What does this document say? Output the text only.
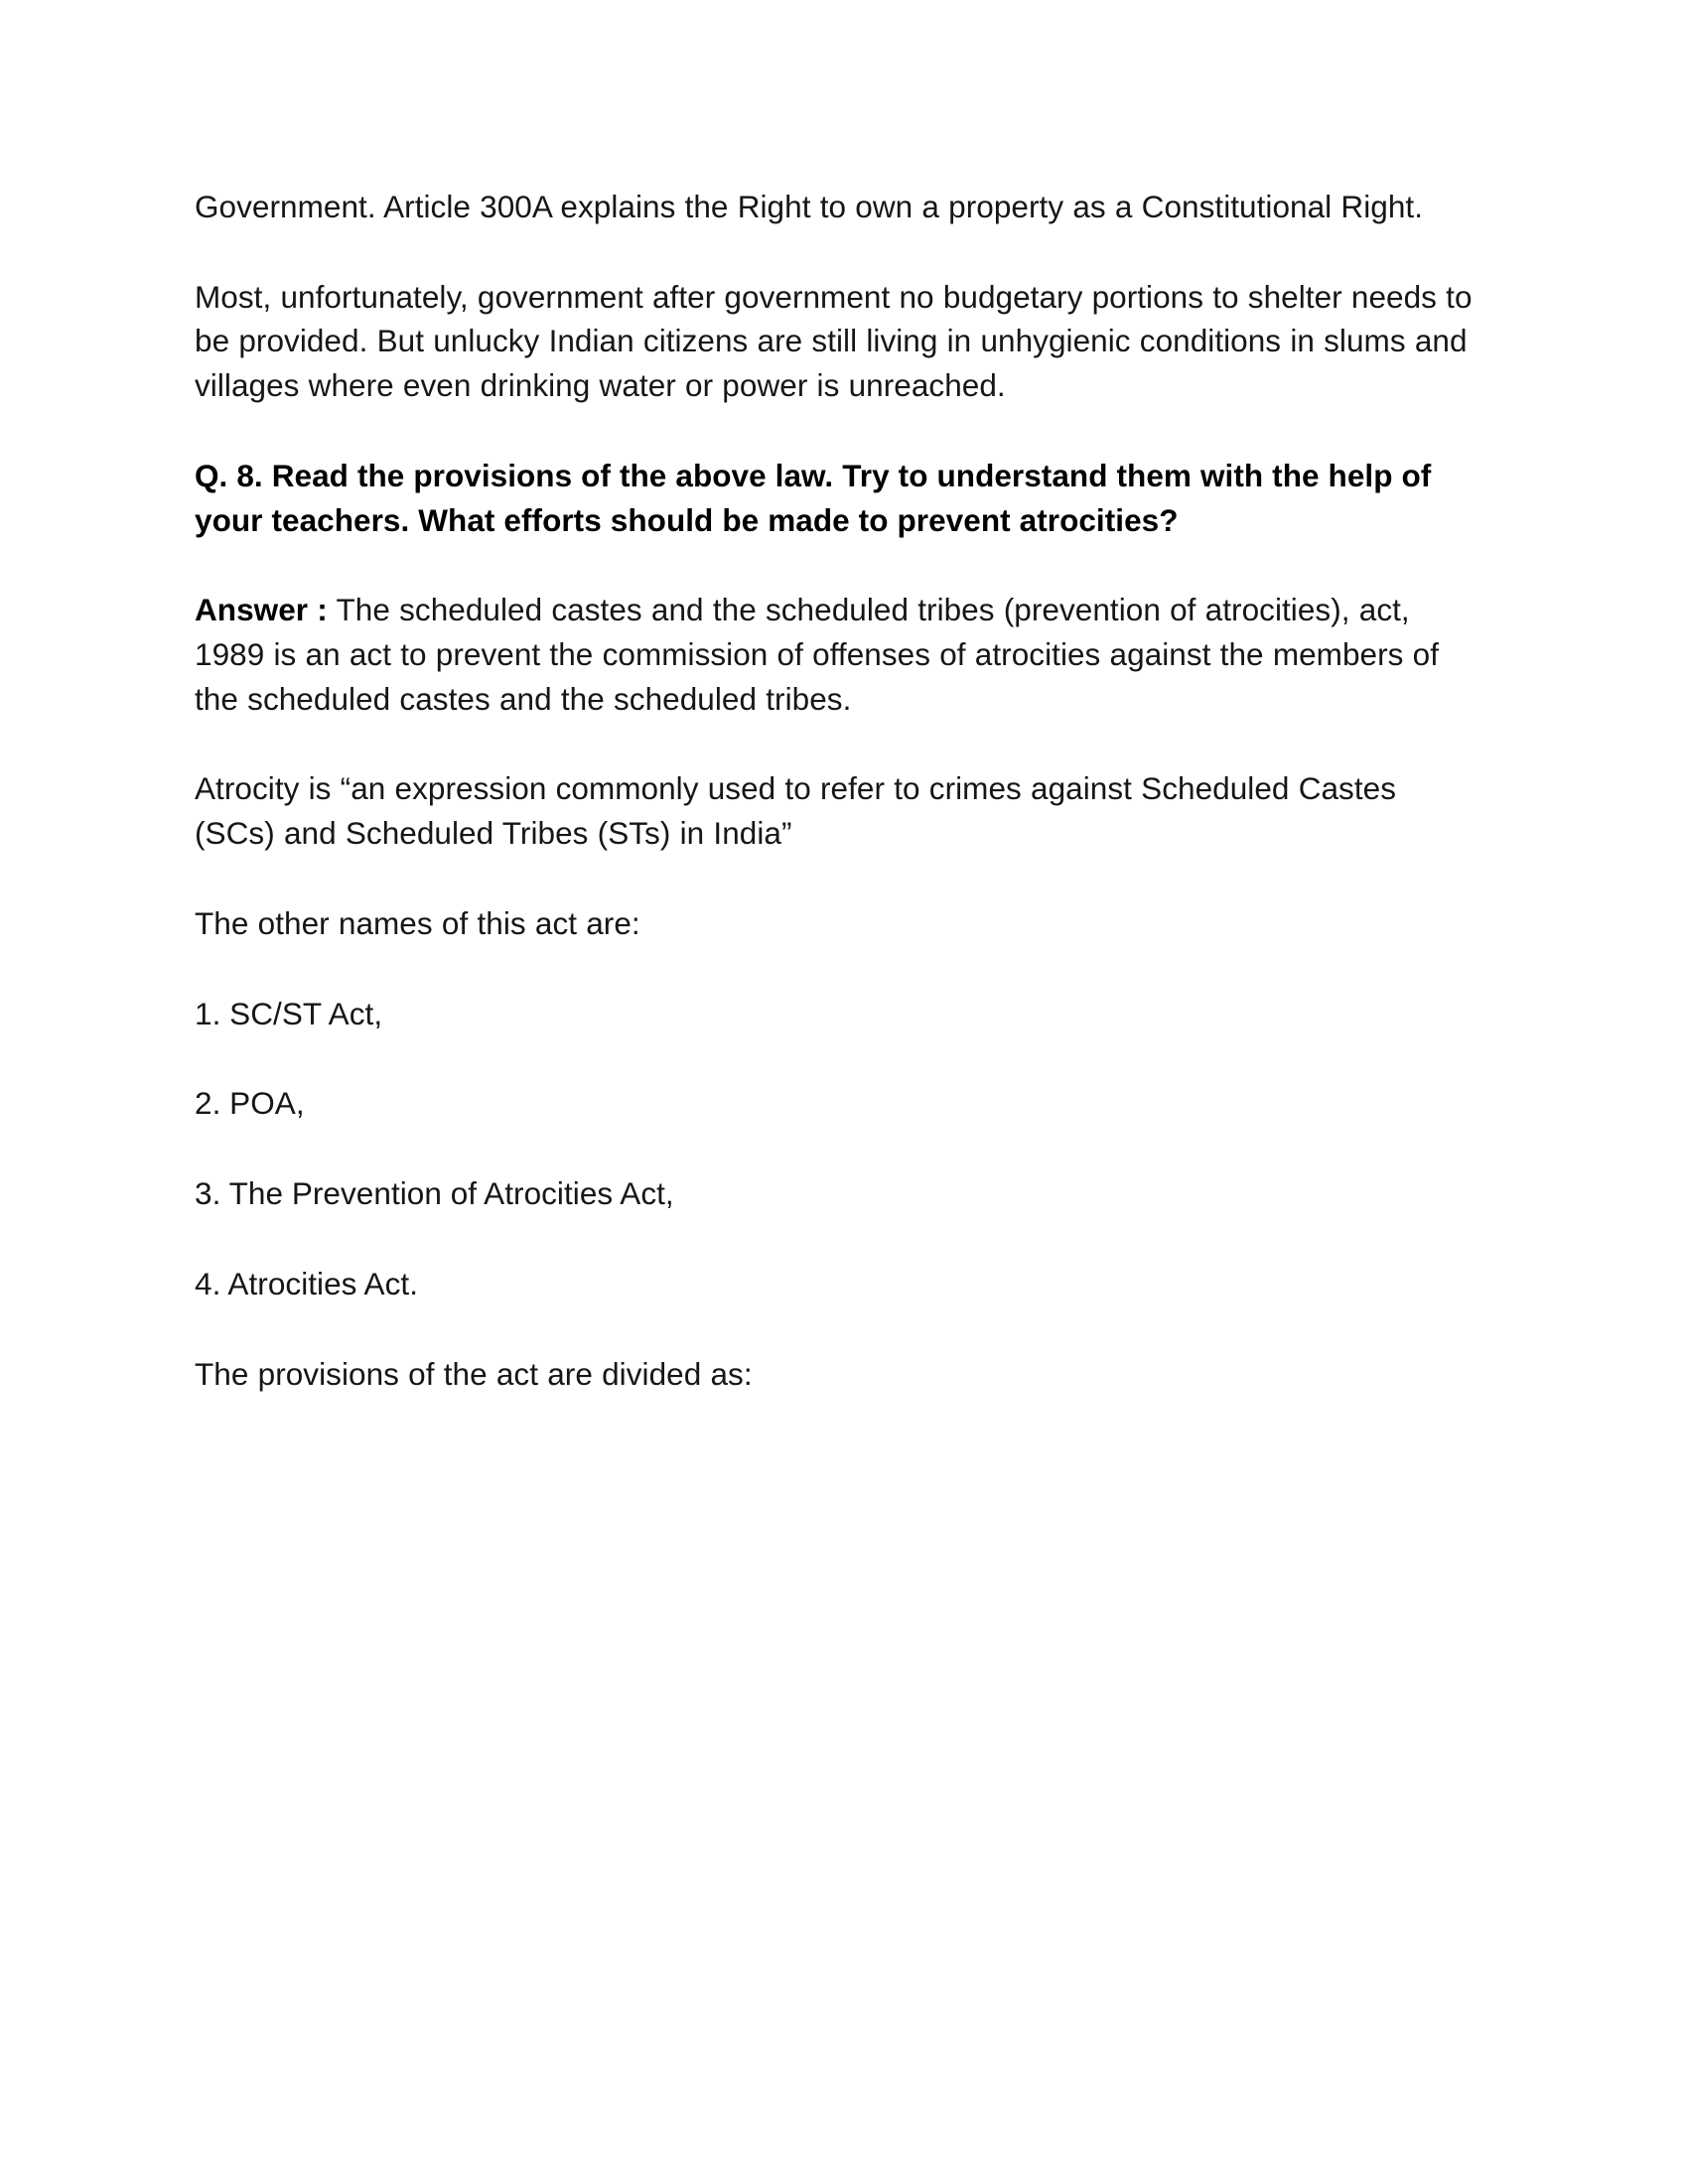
Government. Article 300A explains the Right to own a property as a Constitutional Right.

Most, unfortunately, government after government no budgetary portions to shelter needs to be provided. But unlucky Indian citizens are still living in unhygienic conditions in slums and villages where even drinking water or power is unreached.

Q. 8. Read the provisions of the above law. Try to understand them with the help of your teachers. What efforts should be made to prevent atrocities?

Answer : The scheduled castes and the scheduled tribes (prevention of atrocities), act, 1989 is an act to prevent the commission of offenses of atrocities against the members of the scheduled castes and the scheduled tribes.

Atrocity is “an expression commonly used to refer to crimes against Scheduled Castes (SCs) and Scheduled Tribes (STs) in India”

The other names of this act are:

1. SC/ST Act,

2. POA,

3. The Prevention of Atrocities Act,

4. Atrocities Act.

The provisions of the act are divided as:
